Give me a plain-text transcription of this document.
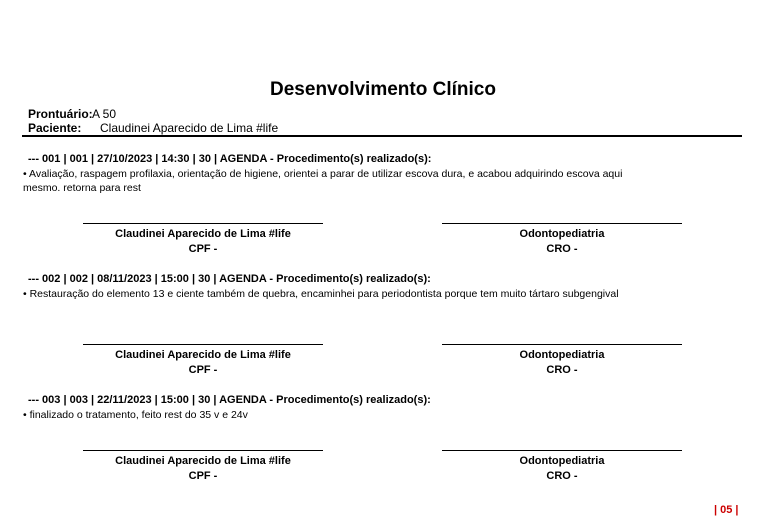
Desenvolvimento Clínico
Prontuário:A 50
Paciente: Claudinei Aparecido de Lima #life
--- 001 | 001 | 27/10/2023 | 14:30 | 30 | AGENDA - Procedimento(s) realizado(s):
• Avaliação, raspagem profilaxia, orientação de higiene, orientei a parar de utilizar escova dura, e acabou adquirindo escova aqui mesmo. retorna para rest
Claudinei Aparecido de Lima #life
CPF -
Odontopediatria
CRO -
--- 002 | 002 | 08/11/2023 | 15:00 | 30 | AGENDA - Procedimento(s) realizado(s):
• Restauração do elemento 13 e ciente também de quebra, encaminhei para periodontista porque tem muito tártaro subgengival
Claudinei Aparecido de Lima #life
CPF -
Odontopediatria
CRO -
--- 003 | 003 | 22/11/2023 | 15:00 | 30 | AGENDA - Procedimento(s) realizado(s):
• finalizado o tratamento, feito rest do 35 v e 24v
Claudinei Aparecido de Lima #life
CPF -
Odontopediatria
CRO -
| 05 |
